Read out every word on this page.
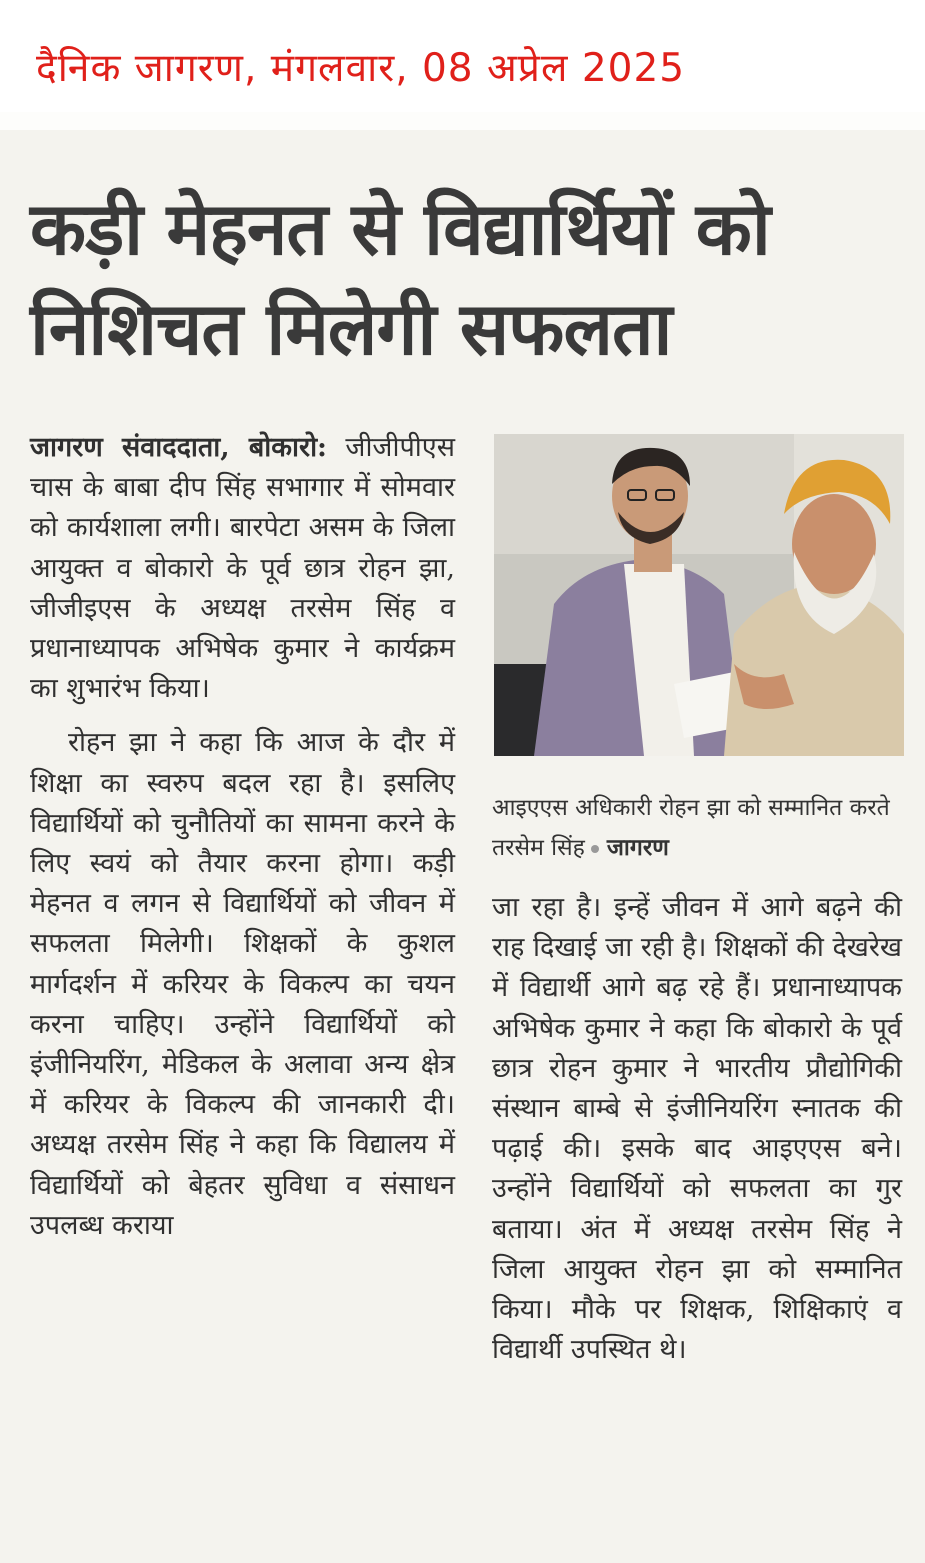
दैनिक जागरण, मंगलवार, 08 अप्रेल 2025
कड़ी मेहनत से विद्यार्थियों को निशिचत मिलेगी सफलता

जागरण संवाददाता, बोकारो: जीजीपीएस चास के बाबा दीप सिंह सभागार में सोमवार को कार्यशाला लगी। बारपेटा असम के जिला आयुक्त व बोकारो के पूर्व छात्र रोहन झा, जीजीइएस के अध्यक्ष तरसेम सिंह व प्रधानाध्यापक अभिषेक कुमार ने कार्यक्रम का शुभारंभ किया।

रोहन झा ने कहा कि आज के दौर में शिक्षा का स्वरुप बदल रहा है। इसलिए विद्यार्थियों को चुनौतियों का सामना करने के लिए स्वयं को तैयार करना होगा। कड़ी मेहनत व लगन से विद्यार्थियों को जीवन में सफलता मिलेगी। शिक्षकों के कुशल मार्गदर्शन में करियर के विकल्प का चयन करना चाहिए। उन्होंने विद्यार्थियों को इंजीनियरिंग, मेडिकल के अलावा अन्य क्षेत्र में करियर के विकल्प की जानकारी दी। अध्यक्ष तरसेम सिंह ने कहा कि विद्यालय में विद्यार्थियों को बेहतर सुविधा व संसाधन उपलब्ध कराया

आइएएस अधिकारी रोहन झा को सम्मानित करते तरसेम सिंह जागरण

जा रहा है। इन्हें जीवन में आगे बढ़ने की राह दिखाई जा रही है। शिक्षकों की देखरेख में विद्यार्थी आगे बढ़ रहे हैं। प्रधानाध्यापक अभिषेक कुमार ने कहा कि बोकारो के पूर्व छात्र रोहन कुमार ने भारतीय प्रौद्योगिकी संस्थान बाम्बे से इंजीनियरिंग स्नातक की पढ़ाई की। इसके बाद आइएएस बने। उन्होंने विद्यार्थियों को सफलता का गुर बताया। अंत में अध्यक्ष तरसेम सिंह ने जिला आयुक्त रोहन झा को सम्मानित किया। मौके पर शिक्षक, शिक्षिकाएं व विद्यार्थी उपस्थित थे।
